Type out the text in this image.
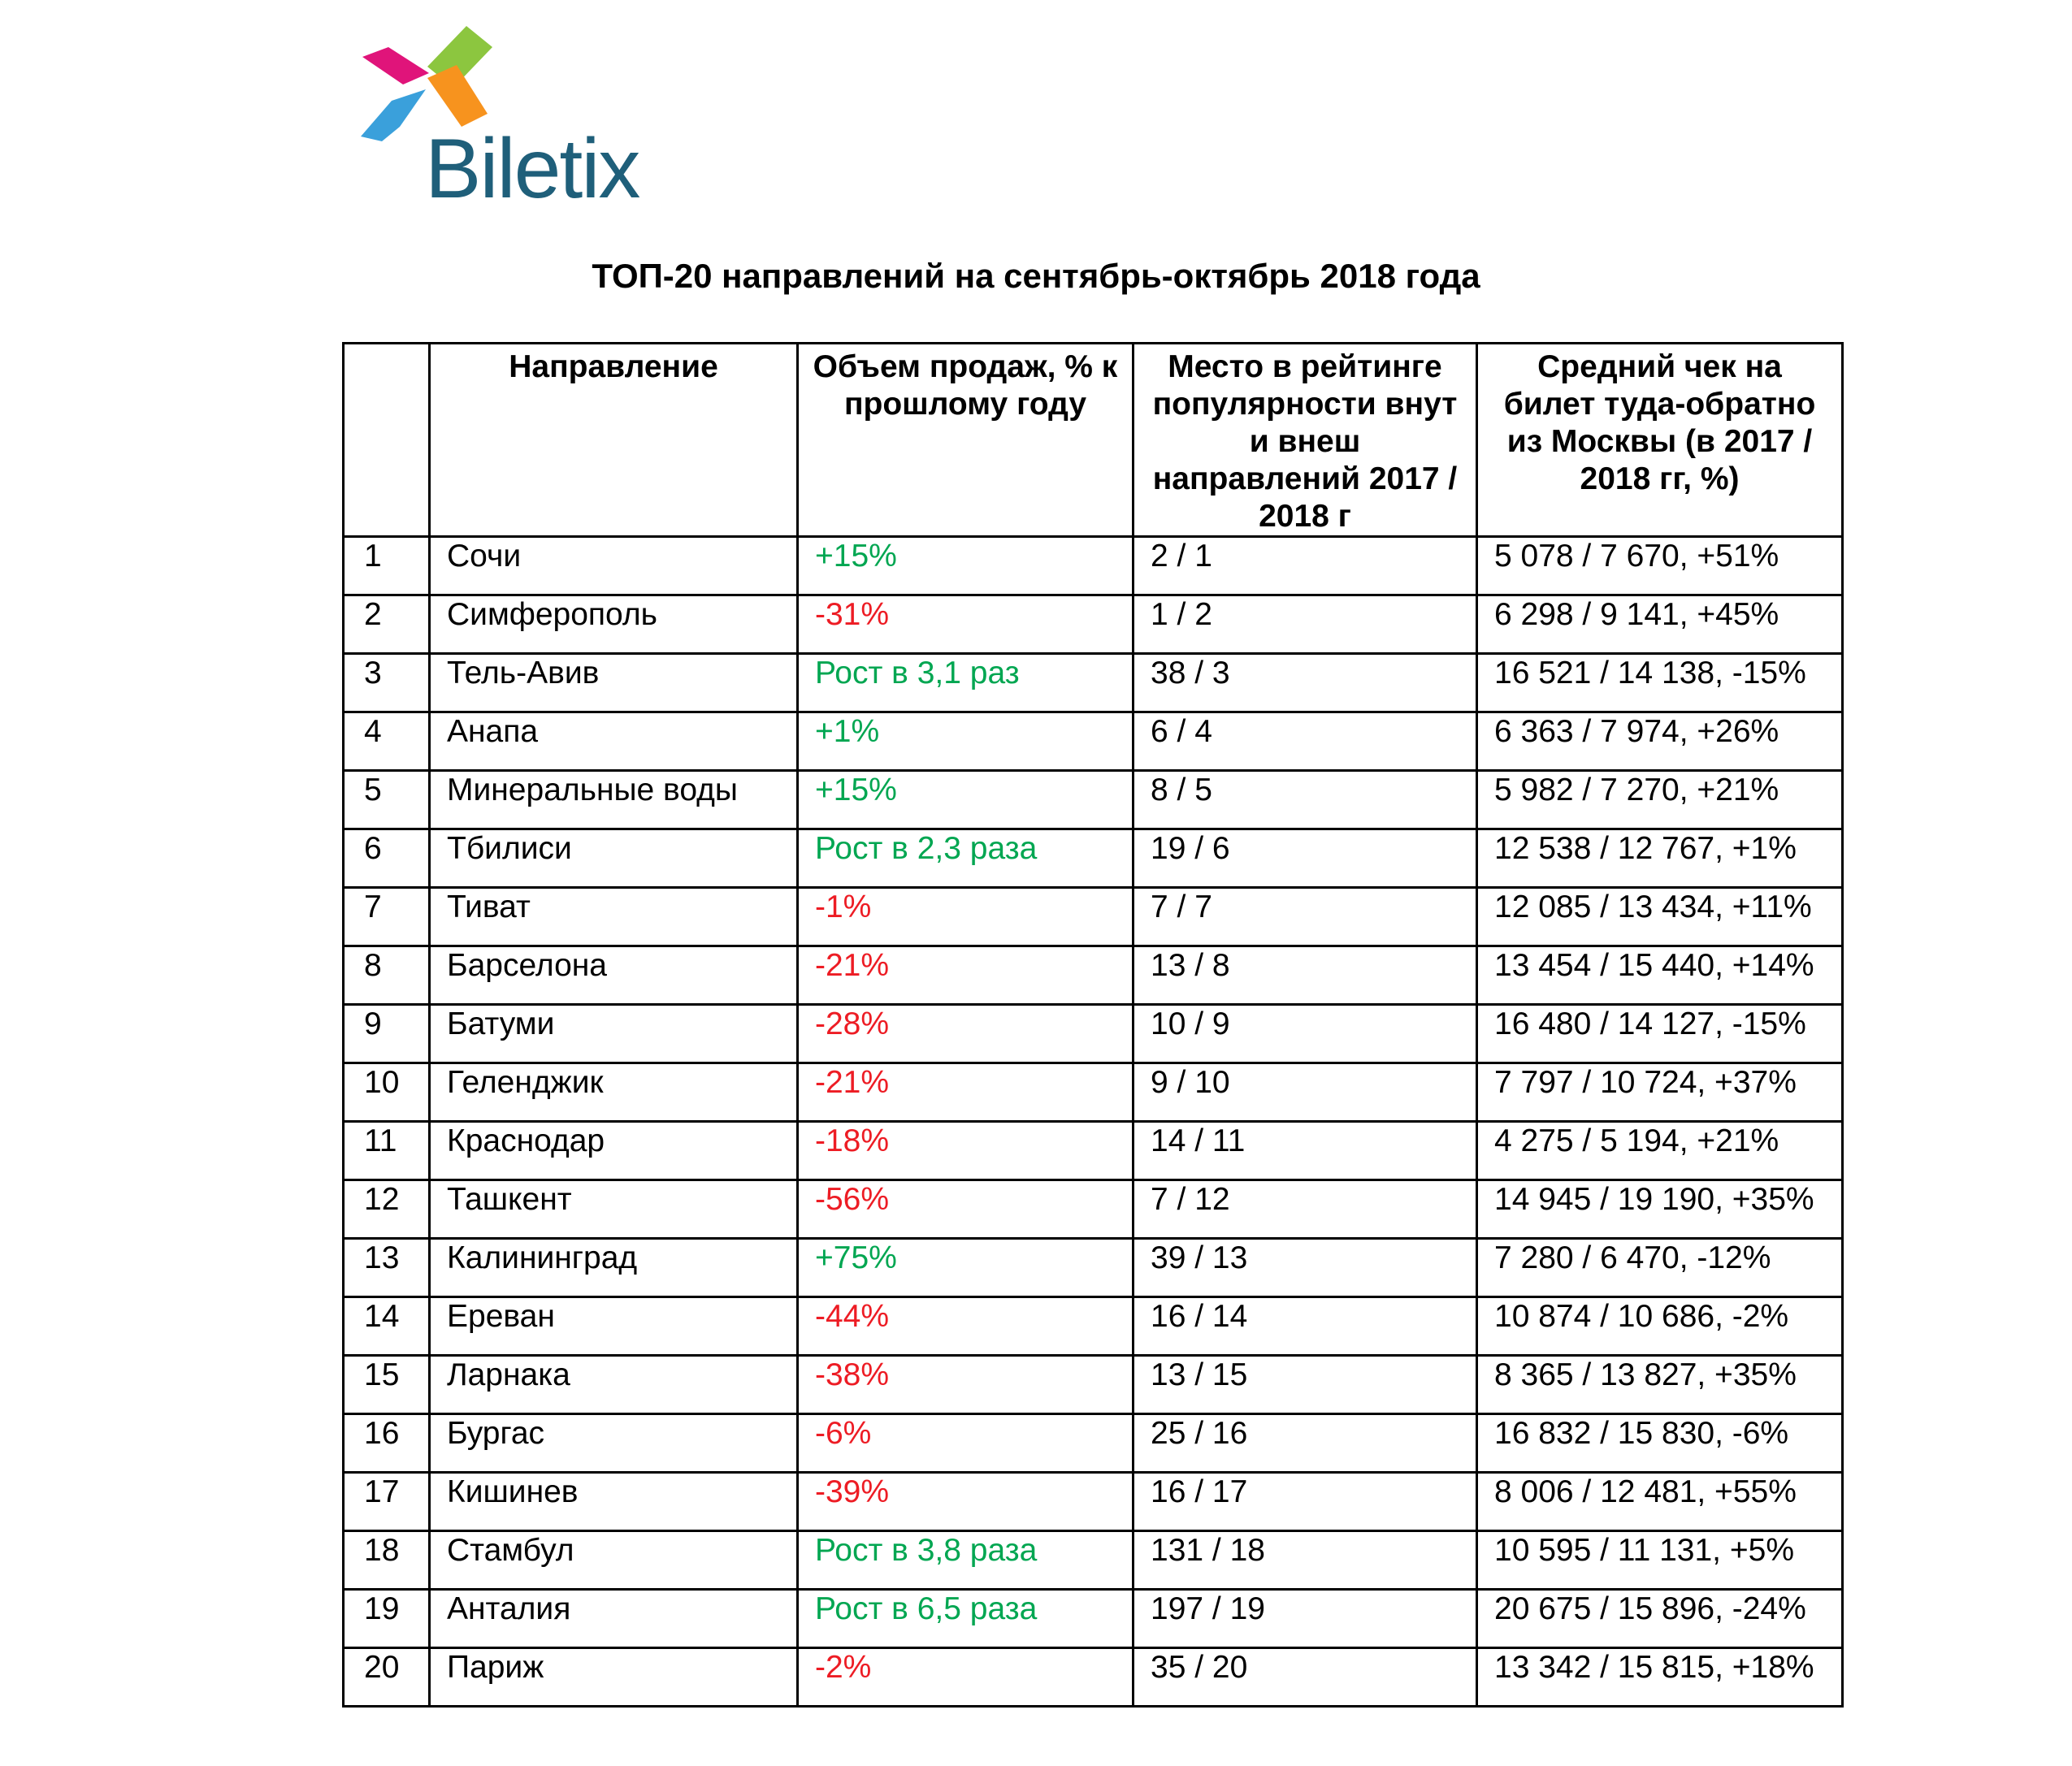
Biletix
ТОП-20 направлений на сентябрь-октябрь 2018 года
	Направление	Объем продаж, % к прошлому году	Место в рейтинге популярности внут и внеш направлений 2017 / 2018 г	Средний чек на билет туда-обратно из Москвы (в 2017 / 2018 гг, %)
1	Сочи	+15%	2 / 1	5 078 / 7 670, +51%
2	Симферополь	-31%	1 / 2	6 298 / 9 141, +45%
3	Тель-Авив	Рост в 3,1 раз	38 / 3	16 521 / 14 138, -15%
4	Анапа	+1%	6 / 4	6 363 / 7 974, +26%
5	Минеральные воды	+15%	8 / 5	5 982 / 7 270, +21%
6	Тбилиси	Рост в 2,3 раза	19 / 6	12 538 / 12 767, +1%
7	Тиват	-1%	7 / 7	12 085 / 13 434, +11%
8	Барселона	-21%	13 / 8	13 454 / 15 440, +14%
9	Батуми	-28%	10 / 9	16 480 / 14 127, -15%
10	Геленджик	-21%	9 / 10	7 797 / 10 724, +37%
11	Краснодар	-18%	14 / 11	4 275 / 5 194, +21%
12	Ташкент	-56%	7 / 12	14 945 / 19 190, +35%
13	Калининград	+75%	39 / 13	7 280 / 6 470, -12%
14	Ереван	-44%	16 / 14	10 874 / 10 686, -2%
15	Ларнака	-38%	13 / 15	8 365 / 13 827, +35%
16	Бургас	-6%	25 / 16	16 832 / 15 830, -6%
17	Кишинев	-39%	16 / 17	8 006 / 12 481, +55%
18	Стамбул	Рост в 3,8 раза	131 / 18	10 595 / 11 131, +5%
19	Анталия	Рост в 6,5 раза	197 / 19	20 675 / 15 896, -24%
20	Париж	-2%	35 / 20	13 342 / 15 815, +18%
